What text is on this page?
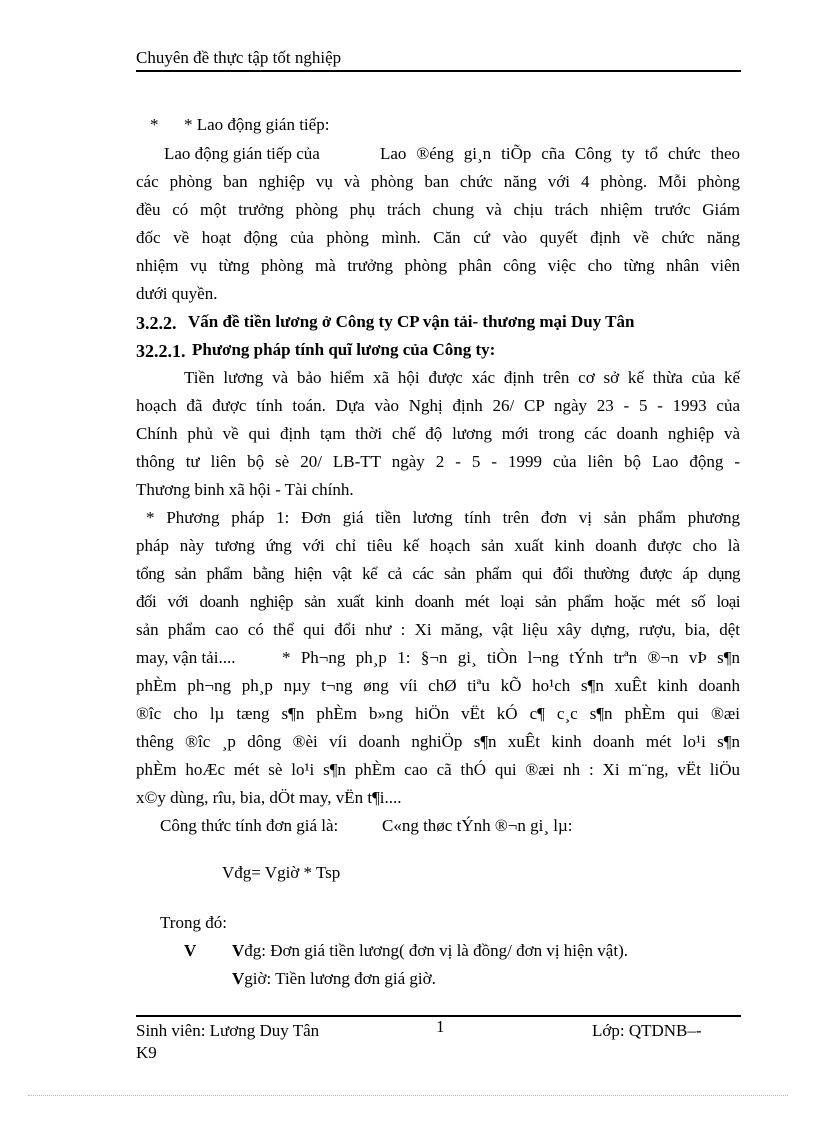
Chuyên đề thực tập tốt nghiệp
* * Lao động gián tiếp:
Lao động gián tiếp của	Lao ®éng gi¸n tiÕp cña Công ty tổ chức theo
các phòng ban nghiệp vụ và phòng ban chức năng với 4 phòng. Mỗi phòng
đều có một trưởng phòng phụ trách chung và chịu trách nhiệm trước Giám
đốc về hoạt động của phòng mình. Căn cứ vào quyết định về chức năng
nhiệm vụ từng phòng mà trưởng phòng phân công việc cho từng nhân viên
dưới quyền.
3.2.2. Vấn đề tiền lương ở Công ty CP vận tải- thương mại Duy Tân
32.2.1. Phương pháp tính quĩ lương của Công ty:
Tiền lương và bảo hiểm xã hội được xác định trên cơ sở kế thừa của kế
hoạch đã được tính toán. Dựa vào Nghị định 26/ CP ngày 23 - 5 - 1993 của
Chính phủ về qui định tạm thời chế độ lương mới trong các doanh nghiệp và
thông tư liên bộ sè 20/ LB-TT ngày 2 - 5 - 1999 của liên bộ Lao động -
Thương binh xã hội - Tài chính.
* Phương pháp 1: Đơn giá tiền lương tính trên đơn vị sản phẩm phương
pháp này tương ứng với chỉ tiêu kế hoạch sản xuất kinh doanh được cho là
tổng sản phẩm bằng hiện vật kể cả các sản phẩm qui đổi thường được áp dụng
đối với doanh nghiệp sản xuất kinh doanh mét loại sản phẩm hoặc mét số loại
sản phẩm cao có thể qui đổi như : Xi măng, vật liệu xây dựng, rượu, bia, dệt
may, vận tải....	* Ph¬ng ph¸p 1: §¬n gi¸ tiÒn l¬ng tÝnh trªn ®¬n vÞ s¶n
phÈm ph¬ng ph¸p nµy t¬ng øng víi chØ tiªu kÕ ho¹ch s¶n xuÊt kinh doanh
®îc cho lµ tæng s¶n phÈm b»ng hiÖn vËt kÓ c¶ c¸c s¶n phÈm qui ®æi
thêng ®îc ¸p dông ®èi víi doanh nghiÖp s¶n xuÊt kinh doanh mét lo¹i s¶n
phÈm hoÆc mét sè lo¹i s¶n phÈm cao cã thÓ qui ®æi nh : Xi m¨ng, vËt liÖu
x©y dùng, rîu, bia, dÖt may, vËn t¶i....
Công thức tính đơn giá là:	C«ng thøc tÝnh ®¬n gi¸ lµ:
Vđg= Vgiờ * Tsp
Trong đó:
V Vđg: Đơn giá tiền lương( đơn vị là đồng/ đơn vị hiện vật).
Vgiờ: Tiền lương đơn giá giờ.
Sinh viên: Lương Duy Tân	1	Lớp: QTDNB–-
K9
